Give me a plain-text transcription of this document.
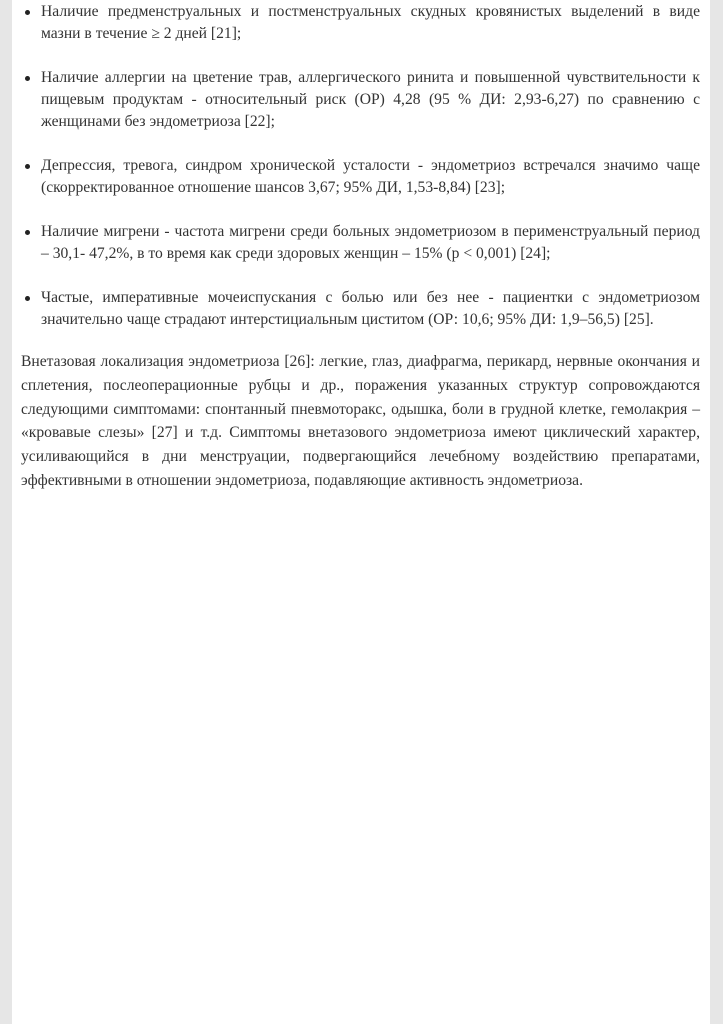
Наличие предменструальных и постменструальных скудных кровянистых выделений в виде мазни в течение ≥ 2 дней [21];
Наличие аллергии на цветение трав, аллергического ринита и повышенной чувствительности к пищевым продуктам - относительный риск (ОР) 4,28 (95 % ДИ: 2,93-6,27) по сравнению с женщинами без эндометриоза [22];
Депрессия, тревога, синдром хронической усталости - эндометриоз встречался значимо чаще (скорректированное отношение шансов 3,67; 95% ДИ, 1,53-8,84) [23];
Наличие мигрени - частота мигрени среди больных эндометриозом в перименструальный период – 30,1- 47,2%, в то время как среди здоровых женщин – 15% (p < 0,001) [24];
Частые, императивные мочеиспускания с болью или без нее - пациентки с эндометриозом значительно чаще страдают интерстициальным циститом (ОР: 10,6; 95% ДИ: 1,9–56,5) [25].

Внетазовая локализация эндометриоза [26]: легкие, глаз, диафрагма, перикард, нервные окончания и сплетения, послеоперационные рубцы и др., поражения указанных структур сопровождаются следующими симптомами: спонтанный пневмоторакс, одышка, боли в грудной клетке, гемолакрия – «кровавые слезы» [27] и т.д. Симптомы внетазового эндометриоза имеют циклический характер, усиливающийся в дни менструации, подвергающийся лечебному воздействию препаратами, эффективными в отношении эндометриоза, подавляющие активность эндометриоза.
